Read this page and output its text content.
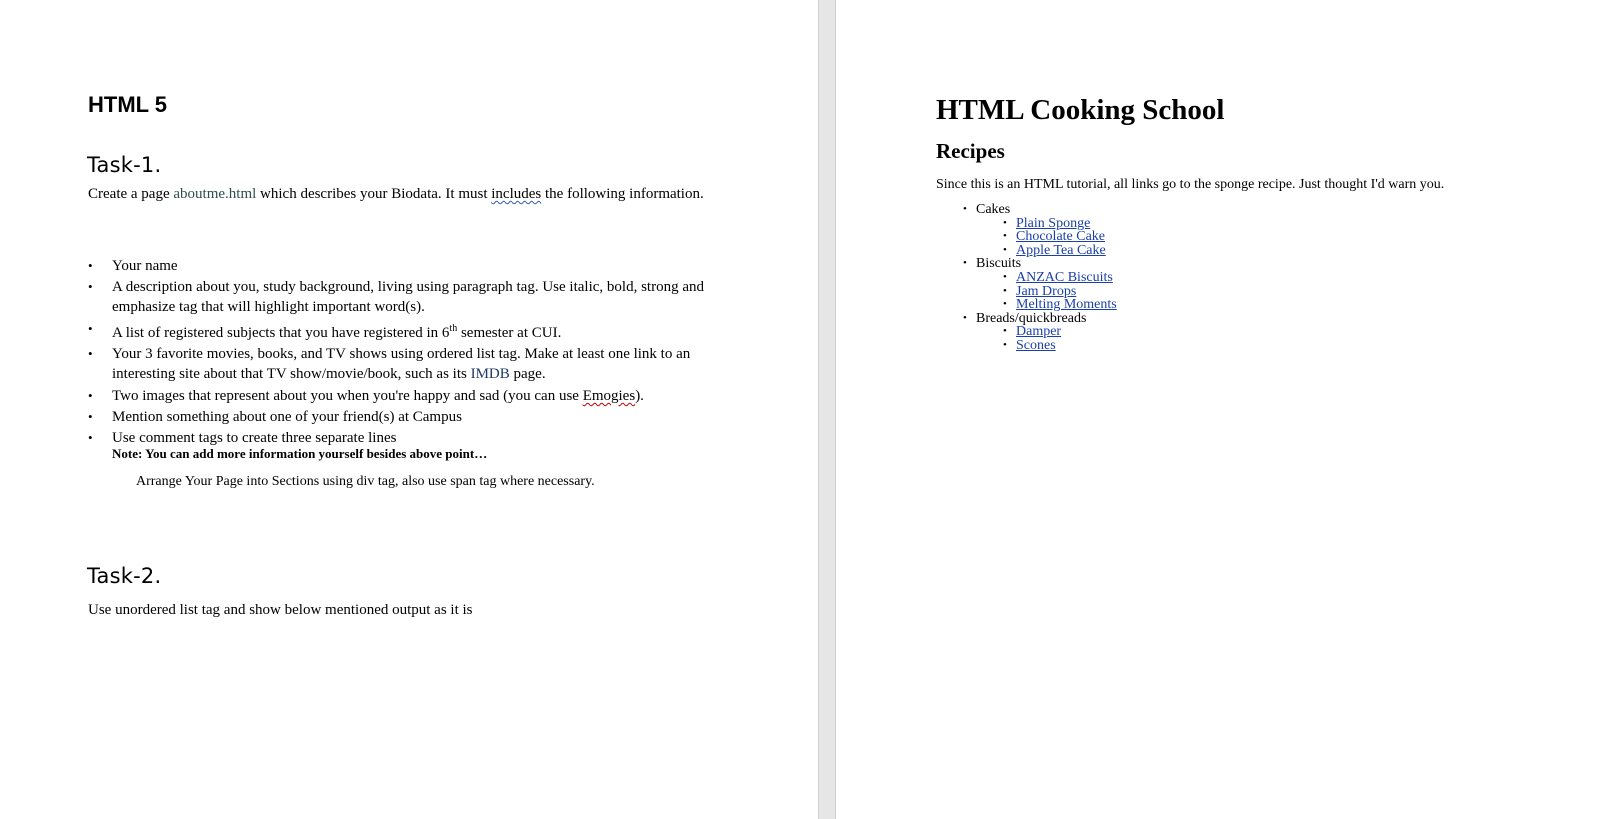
HTML 5
Task-1.

Create a page aboutme.html which describes your Biodata. It must includes the following information.

• Your name
• A description about you, study background, living using paragraph tag. Use italic, bold, strong and emphasize tag that will highlight important word(s).
• A list of registered subjects that you have registered in 6th semester at CUI.
• Your 3 favorite movies, books, and TV shows using ordered list tag. Make at least one link to an interesting site about that TV show/movie/book, such as its IMDB page.
• Two images that represent about you when you're happy and sad (you can use Emogies).
• Mention something about one of your friend(s) at Campus
• Use comment tags to create three separate lines

Note: You can add more information yourself besides above point…

Arrange Your Page into Sections using div tag, also use span tag where necessary.

Task-2.

Use unordered list tag and show below mentioned output as it is

HTML Cooking School
Recipes

Since this is an HTML tutorial, all links go to the sponge recipe. Just thought I'd warn you.

• Cakes
• Plain Sponge
• Chocolate Cake
• Apple Tea Cake
• Biscuits
• ANZAC Biscuits
• Jam Drops
• Melting Moments
• Breads/quickbreads
• Damper
• Scones
